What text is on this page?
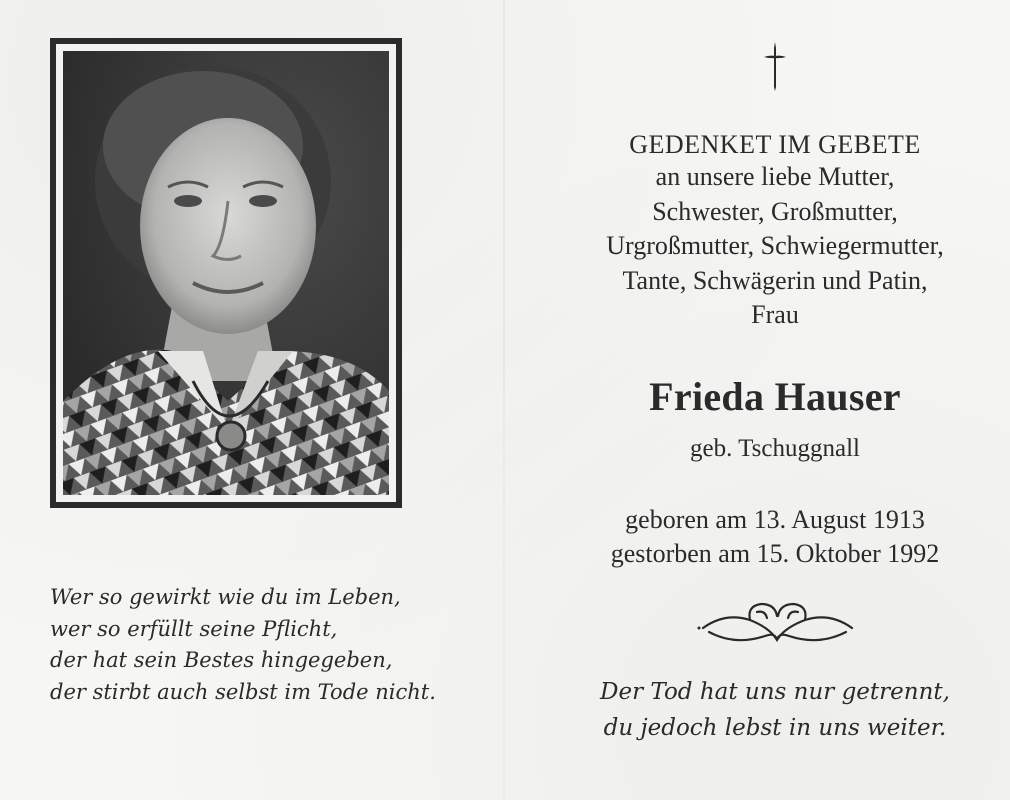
Wer so gewirkt wie du im Leben,
wer so erfüllt seine Pflicht,
der hat sein Bestes hingegeben,
der stirbt auch selbst im Tode nicht.
GEDENKET IM GEBETE
an unsere liebe Mutter,
Schwester, Großmutter,
Urgroßmutter, Schwiegermutter,
Tante, Schwägerin und Patin,
Frau
Frieda Hauser
geb. Tschuggnall
geboren am 13. August 1913
gestorben am 15. Oktober 1992
Der Tod hat uns nur getrennt,
du jedoch lebst in uns weiter.
